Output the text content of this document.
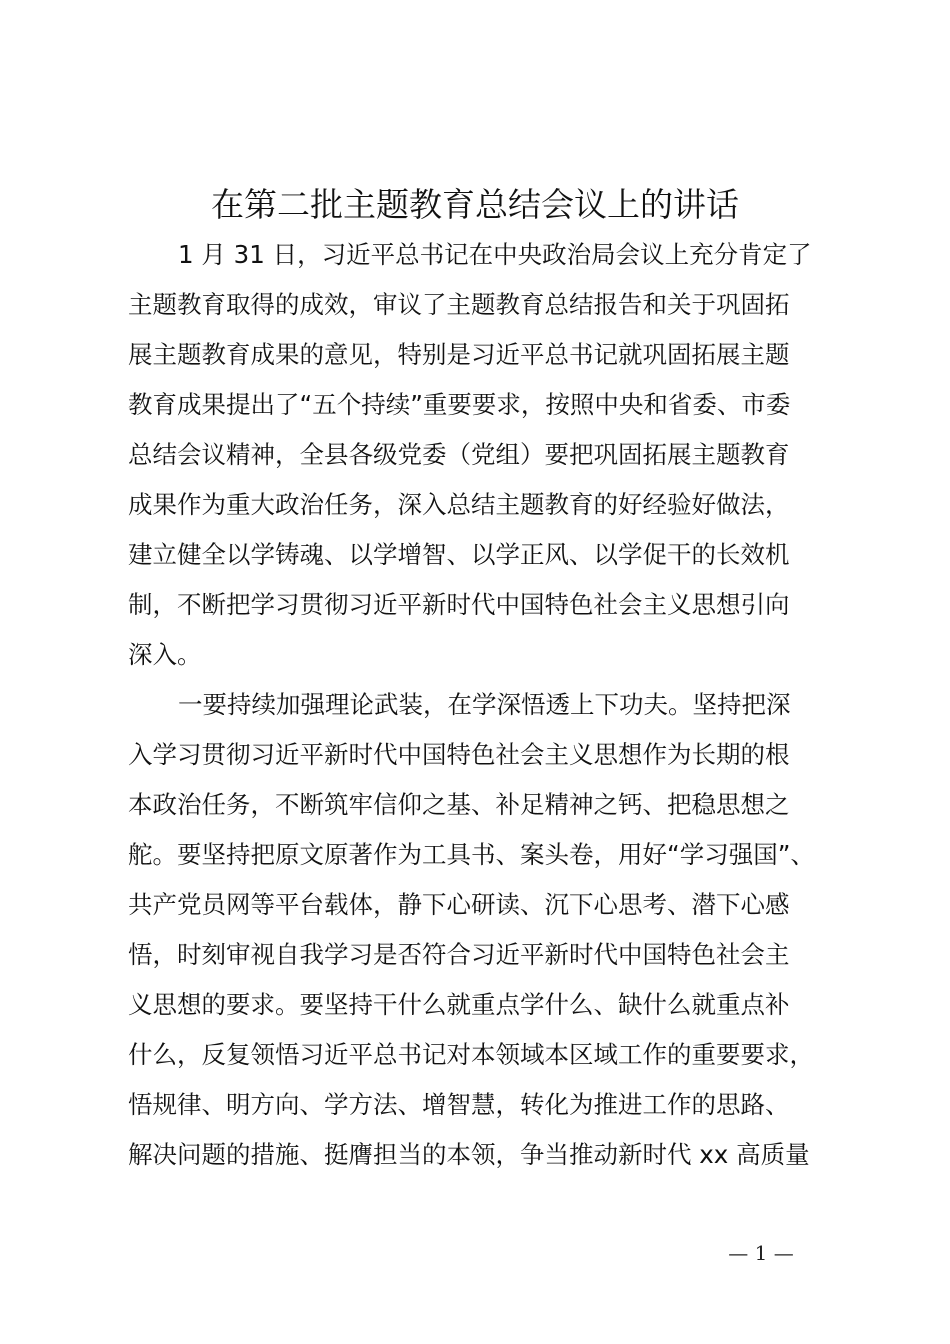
在第二批主题教育总结会议上的讲话

1 月 31 日，习近平总书记在中央政治局会议上充分肯定了

主题教育取得的成效，审议了主题教育总结报告和关于巩固拓

展主题教育成果的意见，特别是习近平总书记就巩固拓展主题

教育成果提出了“五个持续”重要要求，按照中央和省委、市委

总结会议精神，全县各级党委（党组）要把巩固拓展主题教育

成果作为重大政治任务，深入总结主题教育的好经验好做法，

建立健全以学铸魂、以学增智、以学正风、以学促干的长效机

制，不断把学习贯彻习近平新时代中国特色社会主义思想引向

深入。

一要持续加强理论武装，在学深悟透上下功夫。坚持把深

入学习贯彻习近平新时代中国特色社会主义思想作为长期的根

本政治任务，不断筑牢信仰之基、补足精神之钙、把稳思想之

舵。要坚持把原文原著作为工具书、案头卷，用好“学习强国”、

共产党员网等平台载体，静下心研读、沉下心思考、潜下心感

悟，时刻审视自我学习是否符合习近平新时代中国特色社会主

义思想的要求。要坚持干什么就重点学什么、缺什么就重点补

什么，反复领悟习近平总书记对本领域本区域工作的重要要求，

悟规律、明方向、学方法、增智慧，转化为推进工作的思路、

解决问题的措施、挺膺担当的本领，争当推动新时代 xx 高质量

— 1 —
